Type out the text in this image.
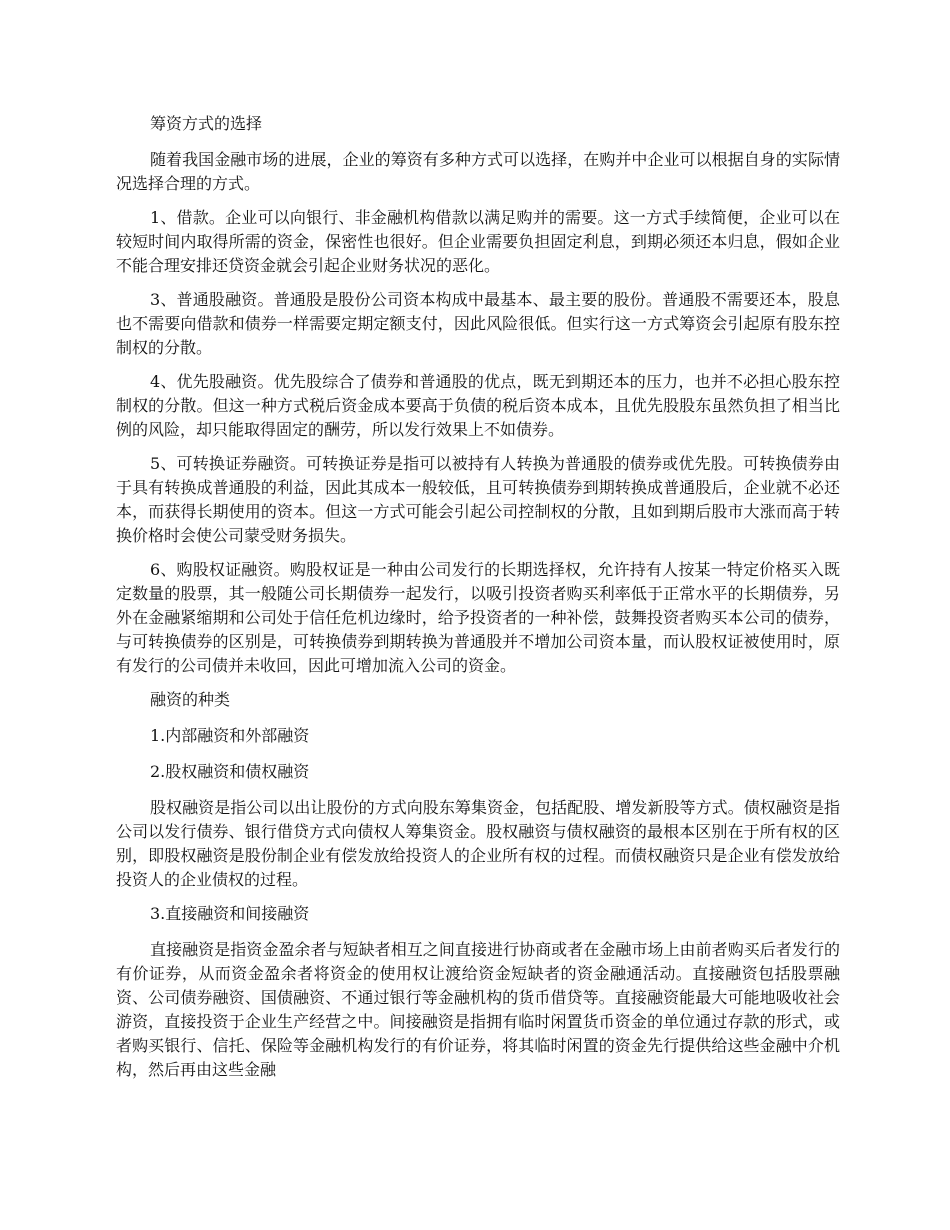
筹资方式的选择

随着我国金融市场的进展，企业的筹资有多种方式可以选择，在购并中企业可以根据自身的实际情况选择合理的方式。

1、借款。企业可以向银行、非金融机构借款以满足购并的需要。这一方式手续简便，企业可以在较短时间内取得所需的资金，保密性也很好。但企业需要负担固定利息，到期必须还本归息，假如企业不能合理安排还贷资金就会引起企业财务状况的恶化。

3、普通股融资。普通股是股份公司资本构成中最基本、最主要的股份。普通股不需要还本，股息也不需要向借款和债券一样需要定期定额支付，因此风险很低。但实行这一方式筹资会引起原有股东控制权的分散。

4、优先股融资。优先股综合了债券和普通股的优点，既无到期还本的压力，也并不必担心股东控制权的分散。但这一种方式税后资金成本要高于负债的税后资本成本，且优先股股东虽然负担了相当比例的风险，却只能取得固定的酬劳，所以发行效果上不如债券。

5、可转换证券融资。可转换证券是指可以被持有人转换为普通股的债券或优先股。可转换债券由于具有转换成普通股的利益，因此其成本一般较低，且可转换债券到期转换成普通股后，企业就不必还本，而获得长期使用的资本。但这一方式可能会引起公司控制权的分散，且如到期后股市大涨而高于转换价格时会使公司蒙受财务损失。

6、购股权证融资。购股权证是一种由公司发行的长期选择权，允许持有人按某一特定价格买入既定数量的股票，其一般随公司长期债券一起发行，以吸引投资者购买利率低于正常水平的长期债券，另外在金融紧缩期和公司处于信任危机边缘时，给予投资者的一种补偿，鼓舞投资者购买本公司的债券，与可转换债券的区别是，可转换债券到期转换为普通股并不增加公司资本量，而认股权证被使用时，原有发行的公司债并未收回，因此可增加流入公司的资金。

融资的种类

1.内部融资和外部融资

2.股权融资和债权融资

股权融资是指公司以出让股份的方式向股东筹集资金，包括配股、增发新股等方式。债权融资是指公司以发行债券、银行借贷方式向债权人筹集资金。股权融资与债权融资的最根本区别在于所有权的区别，即股权融资是股份制企业有偿发放给投资人的企业所有权的过程。而债权融资只是企业有偿发放给投资人的企业债权的过程。

3.直接融资和间接融资

直接融资是指资金盈余者与短缺者相互之间直接进行协商或者在金融市场上由前者购买后者发行的有价证券，从而资金盈余者将资金的使用权让渡给资金短缺者的资金融通活动。直接融资包括股票融资、公司债券融资、国债融资、不通过银行等金融机构的货币借贷等。直接融资能最大可能地吸收社会游资，直接投资于企业生产经营之中。间接融资是指拥有临时闲置货币资金的单位通过存款的形式，或者购买银行、信托、保险等金融机构发行的有价证券，将其临时闲置的资金先行提供给这些金融中介机构，然后再由这些金融
